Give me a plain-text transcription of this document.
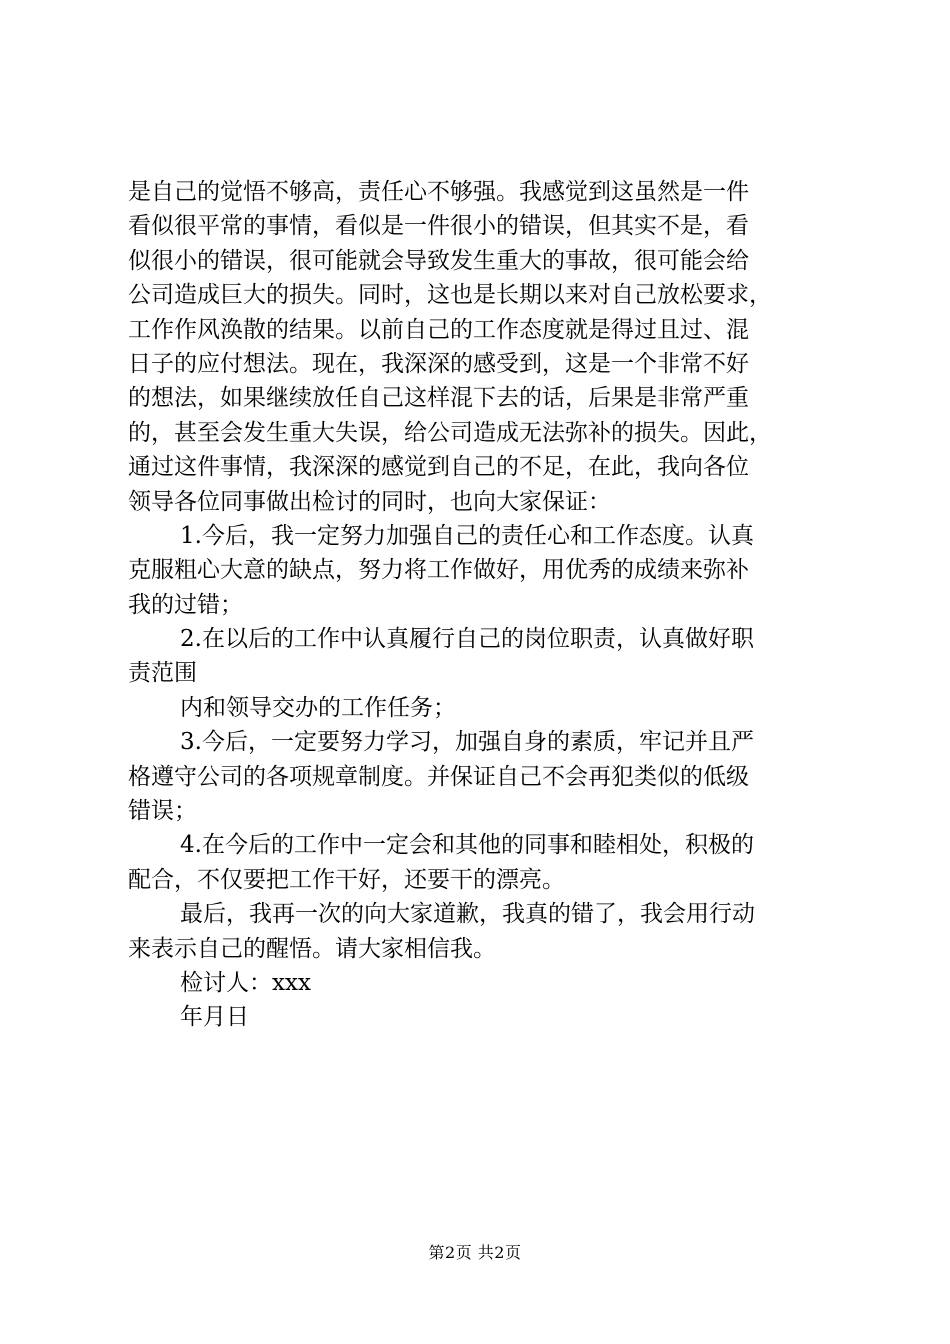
是自己的觉悟不够高，责任心不够强。我感觉到这虽然是一件
看似很平常的事情，看似是一件很小的错误，但其实不是，看
似很小的错误，很可能就会导致发生重大的事故，很可能会给
公司造成巨大的损失。同时，这也是长期以来对自己放松要求，
工作作风涣散的结果。以前自己的工作态度就是得过且过、混
日子的应付想法。现在，我深深的感受到，这是一个非常不好
的想法，如果继续放任自己这样混下去的话，后果是非常严重
的，甚至会发生重大失误，给公司造成无法弥补的损失。因此，
通过这件事情，我深深的感觉到自己的不足，在此，我向各位
领导各位同事做出检讨的同时，也向大家保证：
1.今后，我一定努力加强自己的责任心和工作态度。认真
克服粗心大意的缺点，努力将工作做好，用优秀的成绩来弥补
我的过错；
2.在以后的工作中认真履行自己的岗位职责，认真做好职
责范围
内和领导交办的工作任务；
3.今后，一定要努力学习，加强自身的素质，牢记并且严
格遵守公司的各项规章制度。并保证自己不会再犯类似的低级
错误；
4.在今后的工作中一定会和其他的同事和睦相处，积极的
配合，不仅要把工作干好，还要干的漂亮。
最后，我再一次的向大家道歉，我真的错了，我会用行动
来表示自己的醒悟。请大家相信我。
检讨人：xxx
年月日
第2页 共2页
